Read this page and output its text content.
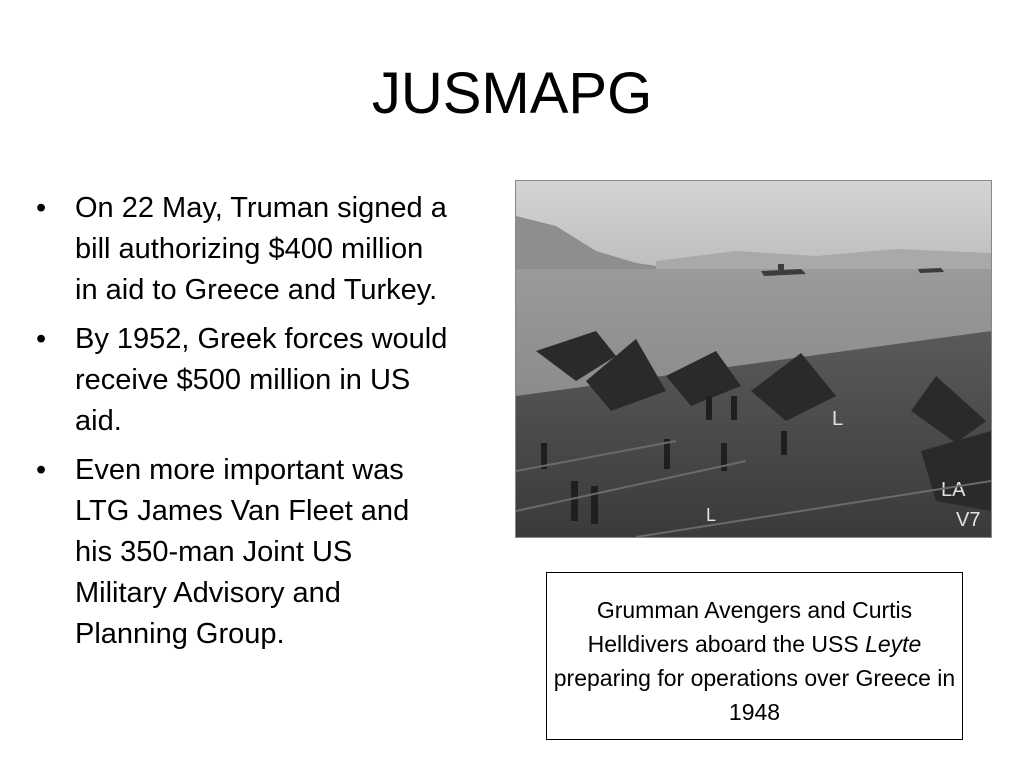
JUSMAPG
• On 22 May, Truman signed a bill authorizing $400 million in aid to Greece and Turkey.
• By 1952, Greek forces would receive $500 million in US aid.
• Even more important was LTG James Van Fleet and his 350-man Joint US Military Advisory and Planning Group.
L
LA
V7
L
Grumman Avengers and Curtis Helldivers aboard the USS Leyte preparing for operations over Greece in 1948
